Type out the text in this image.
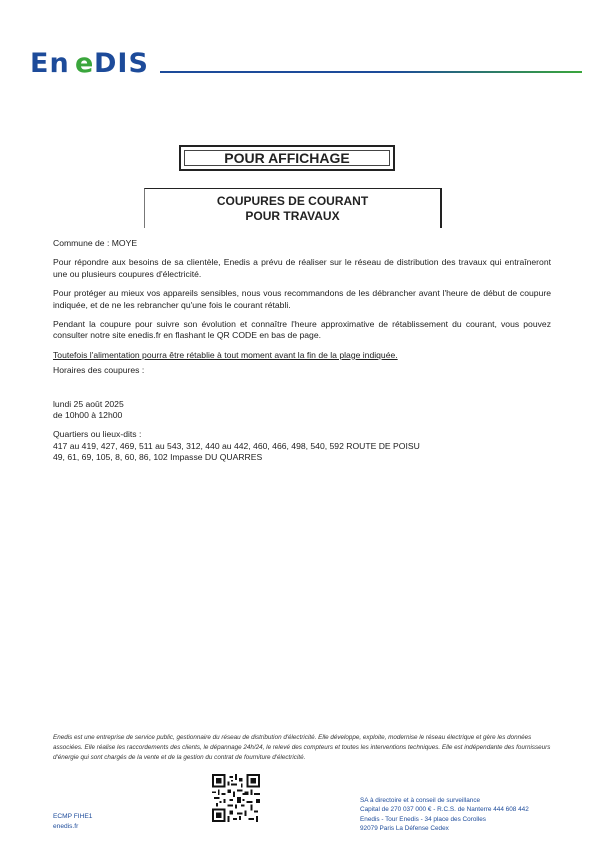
En e DIS
POUR AFFICHAGE
COUPURES DE COURANT
POUR TRAVAUX

Commune de : MOYE

Pour répondre aux besoins de sa clientèle, Enedis a prévu de réaliser sur le réseau de distribution des travaux qui entraîneront une ou plusieurs coupures d'électricité.

Pour protéger au mieux vos appareils sensibles, nous vous recommandons de les débrancher avant l'heure de début de coupure indiquée, et de ne les rebrancher qu'une fois le courant rétabli.

Pendant la coupure pour suivre son évolution et connaître l'heure approximative de rétablissement du courant, vous pouvez consulter notre site enedis.fr en flashant le QR CODE en bas de page.

Toutefois l'alimentation pourra être rétablie à tout moment avant la fin de la plage indiquée.

Horaires des coupures :

lundi 25 août 2025

de 10h00 à 12h00

Quartiers ou lieux-dits :

417 au 419, 427, 469, 511 au 543, 312, 440 au 442, 460, 466, 498, 540, 592 ROUTE DE POISU

49, 61, 69, 105, 8, 60, 86, 102 Impasse DU QUARRES

Enedis est une entreprise de service public, gestionnaire du réseau de distribution d'électricité. Elle développe, exploite, modernise le réseau électrique et gère les données associées. Elle réalise les raccordements des clients, le dépannage 24h/24, le relevé des compteurs et toutes les interventions techniques. Elle est indépendante des fournisseurs d'énergie qui sont chargés de la vente et de la gestion du contrat de fourniture d'électricité.
ECMP FIHE1
enedis.fr
SA à directoire et à conseil de surveillance
Capital de 270 037 000 € - R.C.S. de Nanterre 444 608 442
Enedis - Tour Enedis - 34 place des Corolles
92079 Paris La Défense Cedex
